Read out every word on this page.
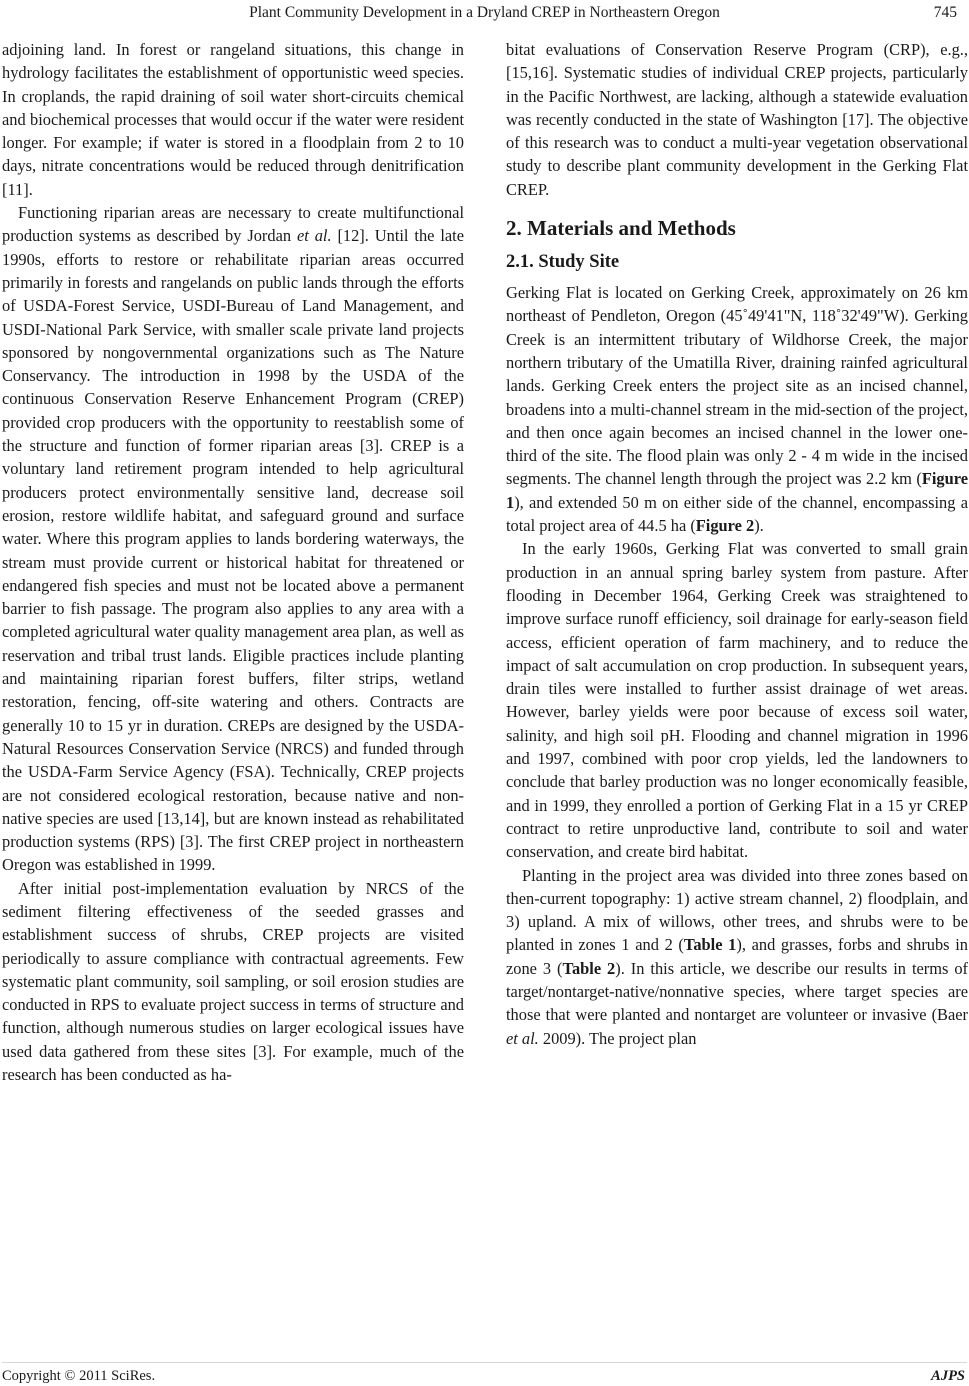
Plant Community Development in a Dryland CREP in Northeastern Oregon	745

adjoining land. In forest or rangeland situations, this change in hydrology facilitates the establishment of opportunistic weed species. In croplands, the rapid draining of soil water short-circuits chemical and biochemical processes that would occur if the water were resident longer. For example; if water is stored in a floodplain from 2 to 10 days, nitrate concentrations would be reduced through denitrification [11].

Functioning riparian areas are necessary to create multifunctional production systems as described by Jordan et al. [12]. Until the late 1990s, efforts to restore or rehabilitate riparian areas occurred primarily in forests and rangelands on public lands through the efforts of USDA-Forest Service, USDI-Bureau of Land Management, and USDI-National Park Service, with smaller scale private land projects sponsored by nongovernmental organizations such as The Nature Conservancy. The introduction in 1998 by the USDA of the continuous Conservation Reserve Enhancement Program (CREP) provided crop producers with the opportunity to reestablish some of the structure and function of former riparian areas [3]. CREP is a voluntary land retirement program intended to help agricultural producers protect environmentally sensitive land, decrease soil erosion, restore wildlife habitat, and safeguard ground and surface water. Where this program applies to lands bordering waterways, the stream must provide current or historical habitat for threatened or endangered fish species and must not be located above a permanent barrier to fish passage. The program also applies to any area with a completed agricultural water quality management area plan, as well as reservation and tribal trust lands. Eligible practices include planting and maintaining riparian forest buffers, filter strips, wetland restoration, fencing, off-site watering and others. Contracts are generally 10 to 15 yr in duration. CREPs are designed by the USDA-Natural Resources Conservation Service (NRCS) and funded through the USDA-Farm Service Agency (FSA). Technically, CREP projects are not considered ecological restoration, because native and non-native species are used [13,14], but are known instead as rehabilitated production systems (RPS) [3]. The first CREP project in northeastern Oregon was established in 1999.

After initial post-implementation evaluation by NRCS of the sediment filtering effectiveness of the seeded grasses and establishment success of shrubs, CREP projects are visited periodically to assure compliance with contractual agreements. Few systematic plant community, soil sampling, or soil erosion studies are conducted in RPS to evaluate project success in terms of structure and function, although numerous studies on larger ecological issues have used data gathered from these sites [3]. For example, much of the research has been conducted as ha-

bitat evaluations of Conservation Reserve Program (CRP), e.g., [15,16]. Systematic studies of individual CREP projects, particularly in the Pacific Northwest, are lacking, although a statewide evaluation was recently conducted in the state of Washington [17]. The objective of this research was to conduct a multi-year vegetation observational study to describe plant community development in the Gerking Flat CREP.

2. Materials and Methods
2.1. Study Site

Gerking Flat is located on Gerking Creek, approximately on 26 km northeast of Pendleton, Oregon (45˚49'41"N, 118˚32'49"W). Gerking Creek is an intermittent tributary of Wildhorse Creek, the major northern tributary of the Umatilla River, draining rainfed agricultural lands. Gerking Creek enters the project site as an incised channel, broadens into a multi-channel stream in the mid-section of the project, and then once again becomes an incised channel in the lower one-third of the site. The flood plain was only 2 - 4 m wide in the incised segments. The channel length through the project was 2.2 km (Figure 1), and extended 50 m on either side of the channel, encompassing a total project area of 44.5 ha (Figure 2).

In the early 1960s, Gerking Flat was converted to small grain production in an annual spring barley system from pasture. After flooding in December 1964, Gerking Creek was straightened to improve surface runoff efficiency, soil drainage for early-season field access, efficient operation of farm machinery, and to reduce the impact of salt accumulation on crop production. In subsequent years, drain tiles were installed to further assist drainage of wet areas. However, barley yields were poor because of excess soil water, salinity, and high soil pH. Flooding and channel migration in 1996 and 1997, combined with poor crop yields, led the landowners to conclude that barley production was no longer economically feasible, and in 1999, they enrolled a portion of Gerking Flat in a 15 yr CREP contract to retire unproductive land, contribute to soil and water conservation, and create bird habitat.

Planting in the project area was divided into three zones based on then-current topography: 1) active stream channel, 2) floodplain, and 3) upland. A mix of willows, other trees, and shrubs were to be planted in zones 1 and 2 (Table 1), and grasses, forbs and shrubs in zone 3 (Table 2). In this article, we describe our results in terms of target/nontarget-native/nonnative species, where target species are those that were planted and nontarget are volunteer or invasive (Baer et al. 2009). The project plan

Copyright © 2011 SciRes.	AJPS
